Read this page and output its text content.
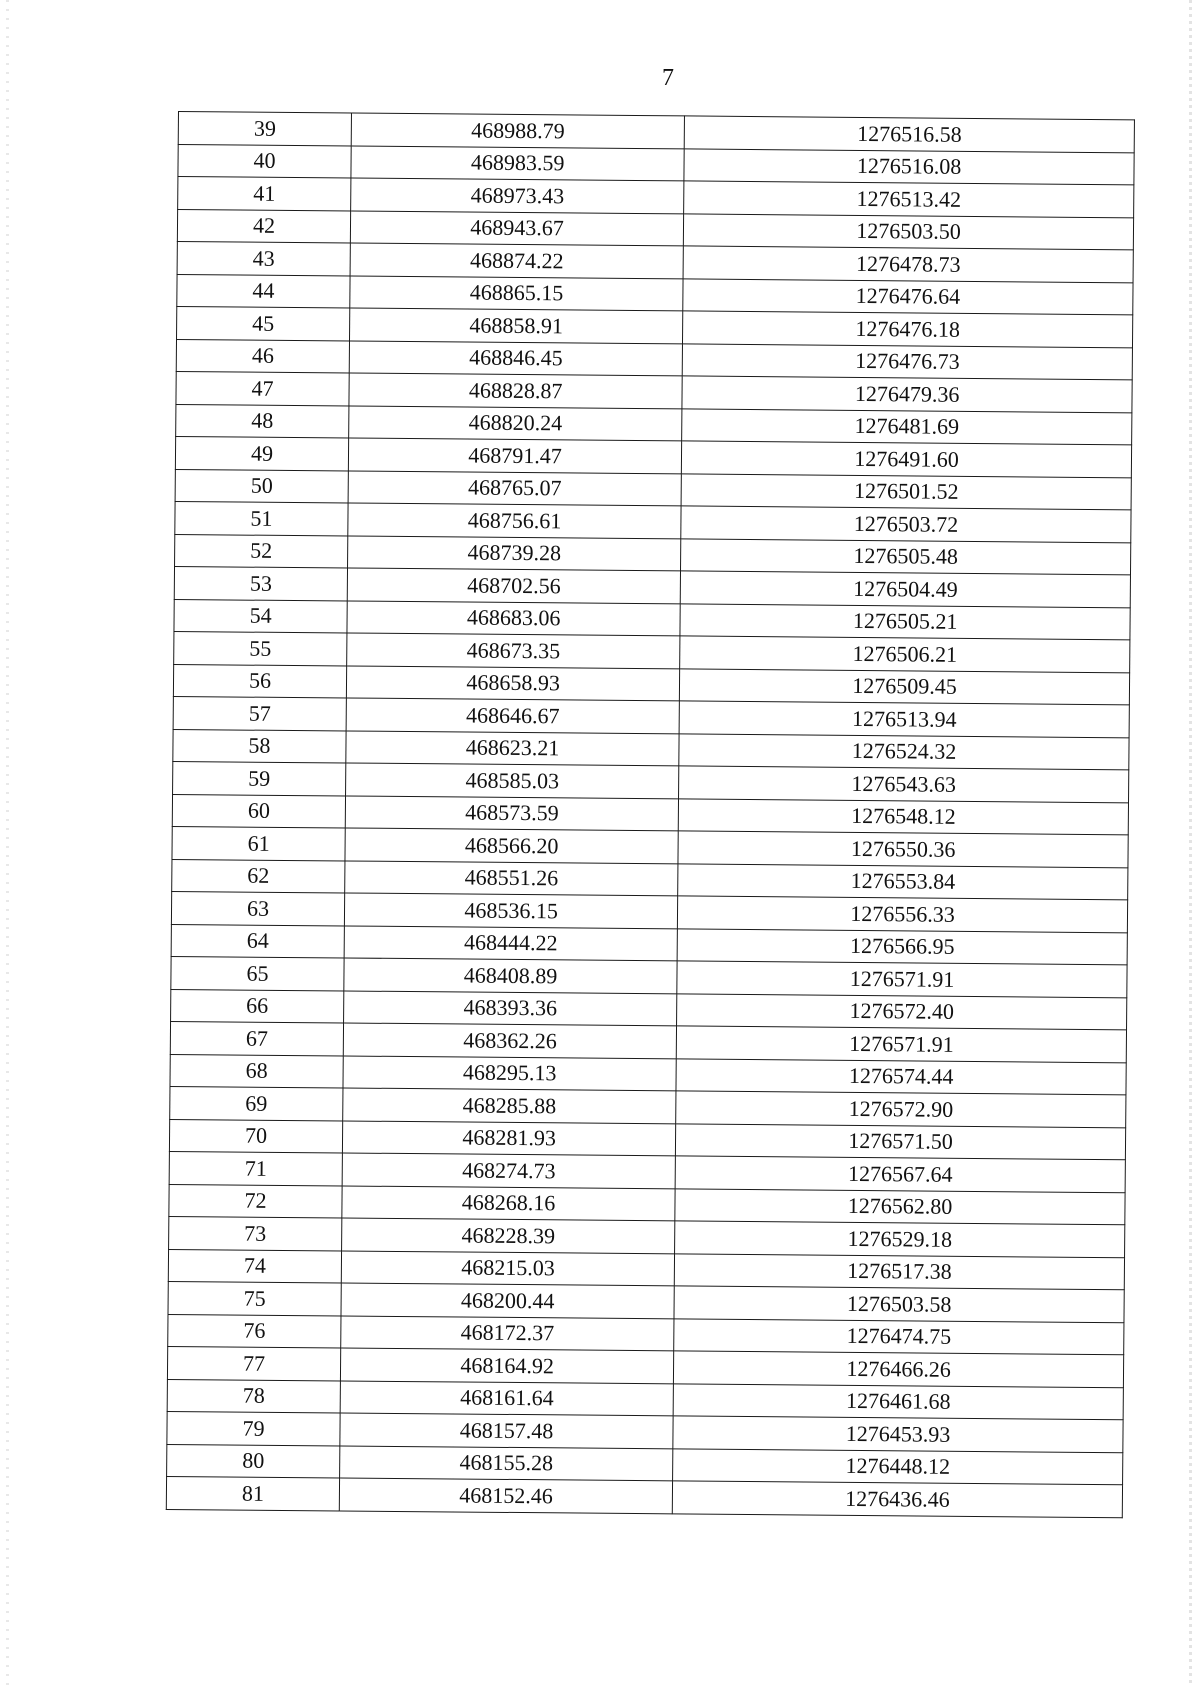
7
39	468988.79	1276516.58
40	468983.59	1276516.08
41	468973.43	1276513.42
42	468943.67	1276503.50
43	468874.22	1276478.73
44	468865.15	1276476.64
45	468858.91	1276476.18
46	468846.45	1276476.73
47	468828.87	1276479.36
48	468820.24	1276481.69
49	468791.47	1276491.60
50	468765.07	1276501.52
51	468756.61	1276503.72
52	468739.28	1276505.48
53	468702.56	1276504.49
54	468683.06	1276505.21
55	468673.35	1276506.21
56	468658.93	1276509.45
57	468646.67	1276513.94
58	468623.21	1276524.32
59	468585.03	1276543.63
60	468573.59	1276548.12
61	468566.20	1276550.36
62	468551.26	1276553.84
63	468536.15	1276556.33
64	468444.22	1276566.95
65	468408.89	1276571.91
66	468393.36	1276572.40
67	468362.26	1276571.91
68	468295.13	1276574.44
69	468285.88	1276572.90
70	468281.93	1276571.50
71	468274.73	1276567.64
72	468268.16	1276562.80
73	468228.39	1276529.18
74	468215.03	1276517.38
75	468200.44	1276503.58
76	468172.37	1276474.75
77	468164.92	1276466.26
78	468161.64	1276461.68
79	468157.48	1276453.93
80	468155.28	1276448.12
81	468152.46	1276436.46
